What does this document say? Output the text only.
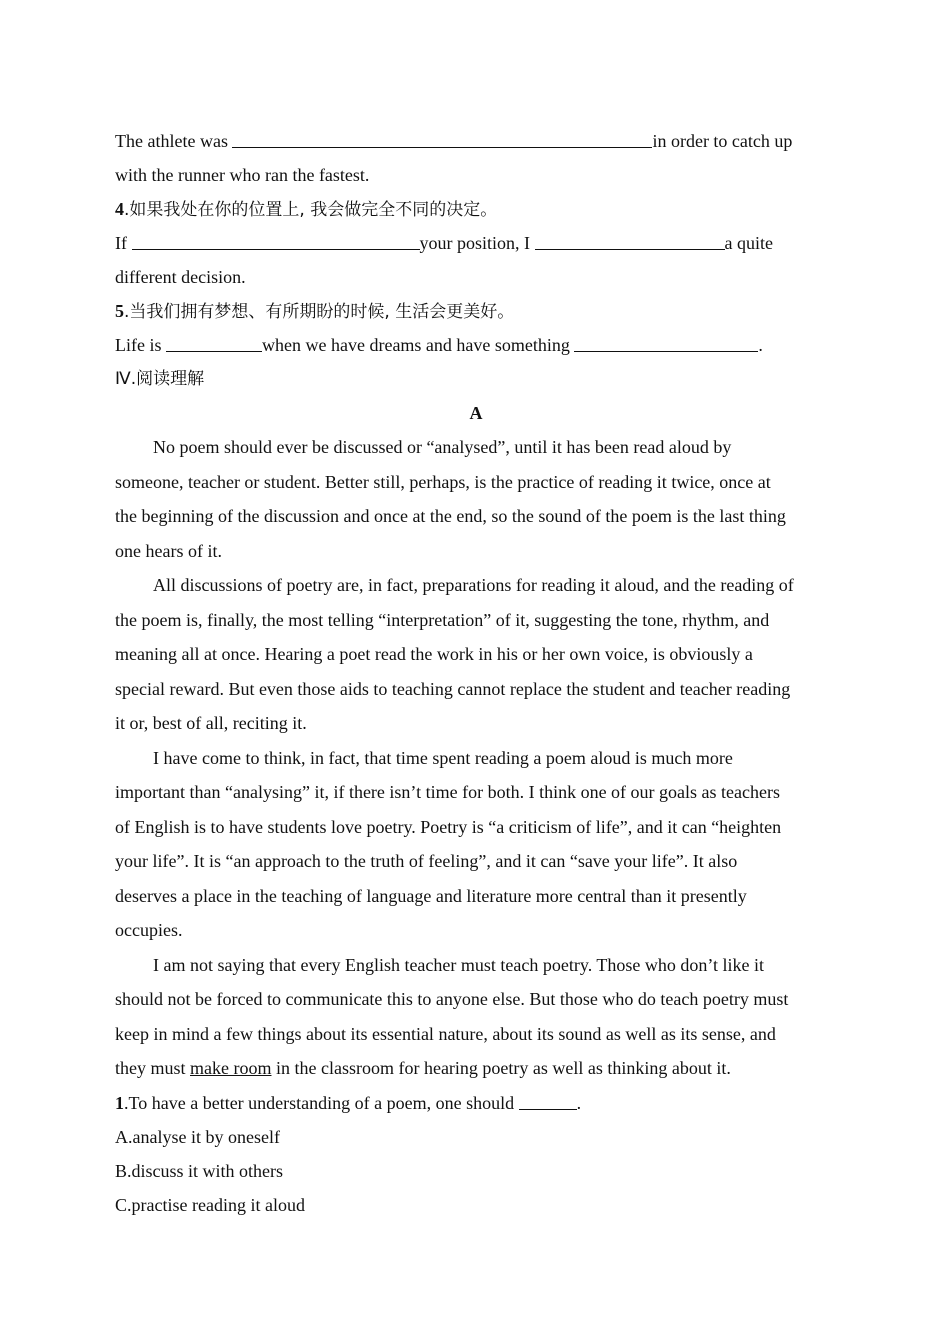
The athlete was	in order to catch up
with the runner who ran the fastest.
4.如果我处在你的位置上, 我会做完全不同的决定。
If	your position, I	a quite
different decision.
5.当我们拥有梦想、有所期盼的时候, 生活会更美好。
Life is	when we have dreams and have something	.
Ⅳ.阅读理解
A
No poem should ever be discussed or “analysed”, until it has been read aloud by
someone, teacher or student. Better still, perhaps, is the practice of reading it twice, once at
the beginning of the discussion and once at the end, so the sound of the poem is the last thing
one hears of it.
All discussions of poetry are, in fact, preparations for reading it aloud, and the reading of
the poem is, finally, the most telling “interpretation” of it, suggesting the tone, rhythm, and
meaning all at once. Hearing a poet read the work in his or her own voice, is obviously a
special reward. But even those aids to teaching cannot replace the student and teacher reading
it or, best of all, reciting it.
I have come to think, in fact, that time spent reading a poem aloud is much more
important than “analysing” it, if there isn’t time for both. I think one of our goals as teachers
of English is to have students love poetry. Poetry is “a criticism of life”, and it can “heighten
your life”. It is “an approach to the truth of feeling”, and it can “save your life”. It also
deserves a place in the teaching of language and literature more central than it presently
occupies.
I am not saying that every English teacher must teach poetry. Those who don’t like it
should not be forced to communicate this to anyone else. But those who do teach poetry must
keep in mind a few things about its essential nature, about its sound as well as its sense, and
they must make room in the classroom for hearing poetry as well as thinking about it.
1.To have a better understanding of a poem, one should	.
A.analyse it by oneself
B.discuss it with others
C.practise reading it aloud
